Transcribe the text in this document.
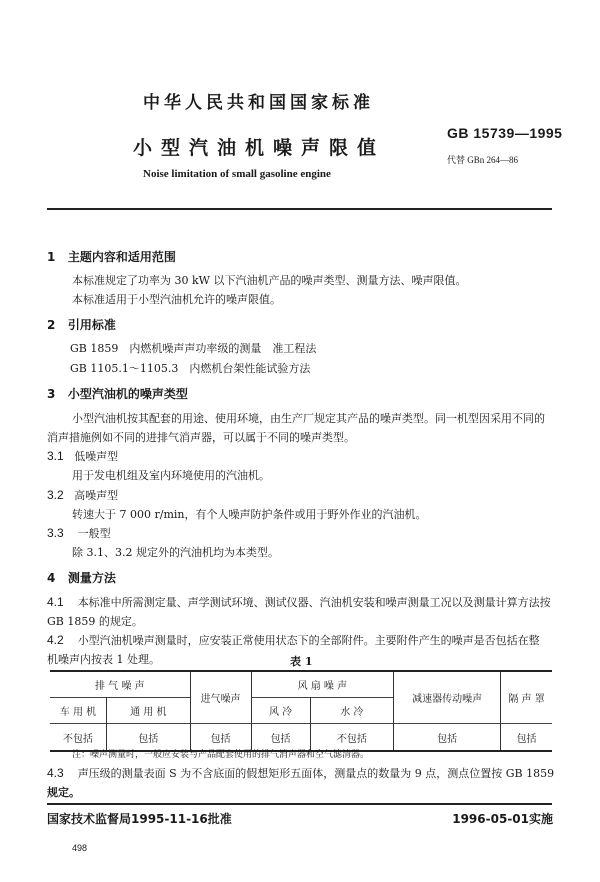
中华人民共和国国家标准
小型汽油机噪声限值
Noise limitation of small gasoline engine
GB 15739—1995
代替 GBn 264—86
1 主题内容和适用范围
本标准规定了功率为 30 kW 以下汽油机产品的噪声类型、测量方法、噪声限值。
本标准适用于小型汽油机允许的噪声限值。
2 引用标准
GB 1859　内燃机噪声声功率级的测量　准工程法
GB 1105.1～1105.3　内燃机台架性能试验方法
3 小型汽油机的噪声类型
小型汽油机按其配套的用途、使用环境，由生产厂规定其产品的噪声类型。同一机型因采用不同的
消声措施例如不同的进排气消声器，可以属于不同的噪声类型。
3.1 低噪声型
用于发电机组及室内环境使用的汽油机。
3.2 高噪声型
转速大于 7 000 r/min，有个人噪声防护条件或用于野外作业的汽油机。
3.3 一般型
除 3.1、3.2 规定外的汽油机均为本类型。
4 测量方法
4.1 本标准中所需测定量、声学测试环境、测试仪器、汽油机安装和噪声测量工况以及测量计算方法按
GB 1859 的规定。
4.2 小型汽油机噪声测量时，应安装正常使用状态下的全部附件。主要附件产生的噪声是否包括在整
机噪声内按表 1 处理。	表 1
排 气 噪 声		进气噪声	风 扇 噪 声		减速器传动噪声	隔 声 罩
车 用 机	通 用 机		风 冷	水 冷		
不包括	包括	包括	包括	不包括	包括	包括
注：噪声测量时，一般应安装与产品配套使用的排气消声器和空气滤清器。
4.3 声压级的测量表面 S 为不含底面的假想矩形五面体，测量点的数量为 9 点，测点位置按 GB 1859
规定。
国家技术监督局1995-11-16批准	1996-05-01实施
498
